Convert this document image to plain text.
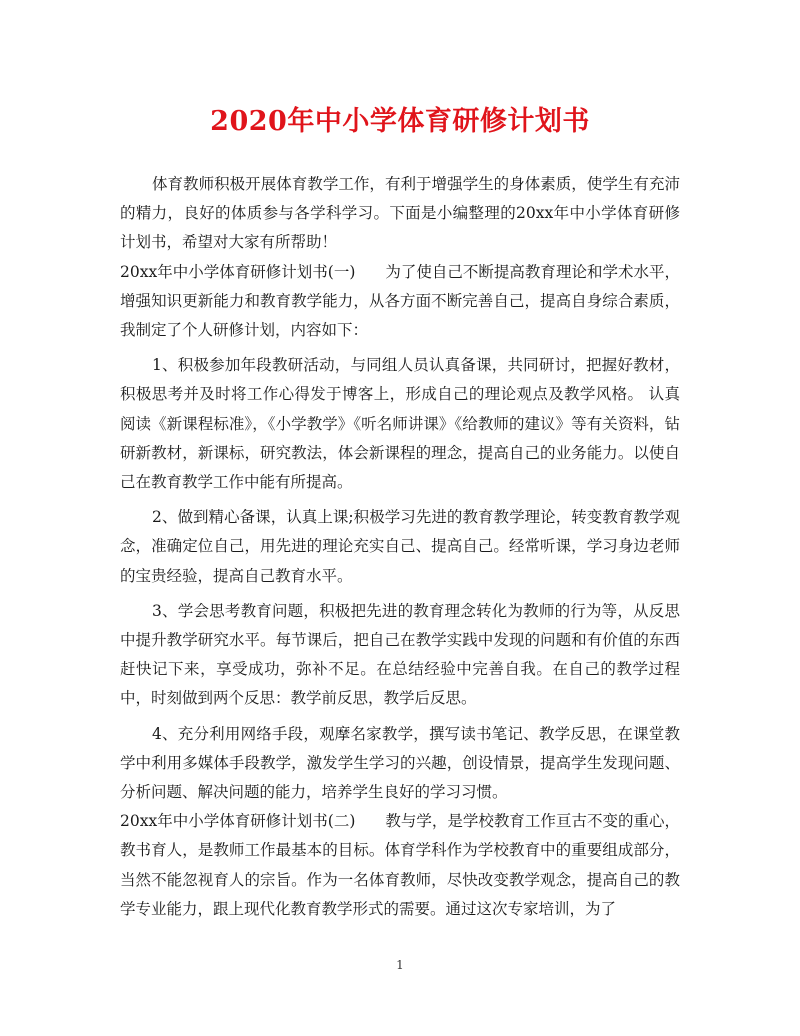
2020年中小学体育研修计划书

体育教师积极开展体育教学工作，有利于增强学生的身体素质，使学生有充沛的精力，良好的体质参与各学科学习。下面是小编整理的20xx年中小学体育研修计划书，希望对大家有所帮助！

20xx年中小学体育研修计划书(一) 为了使自己不断提高教育理论和学术水平，增强知识更新能力和教育教学能力，从各方面不断完善自己，提高自身综合素质，我制定了个人研修计划，内容如下：

1、积极参加年段教研活动，与同组人员认真备课，共同研讨，把握好教材，积极思考并及时将工作心得发于博客上，形成自己的理论观点及教学风格。 认真阅读《新课程标准》，《小学教学》《听名师讲课》《给教师的建议》等有关资料，钻研新教材，新课标，研究教法，体会新课程的理念，提高自己的业务能力。以使自己在教育教学工作中能有所提高。

2、做到精心备课，认真上课;积极学习先进的教育教学理论，转变教育教学观念，准确定位自己，用先进的理论充实自己、提高自己。经常听课，学习身边老师的宝贵经验，提高自己教育水平。

3、学会思考教育问题，积极把先进的教育理念转化为教师的行为等，从反思中提升教学研究水平。每节课后，把自己在教学实践中发现的问题和有价值的东西赶快记下来，享受成功，弥补不足。在总结经验中完善自我。在自己的教学过程中，时刻做到两个反思：教学前反思，教学后反思。

4、充分利用网络手段，观摩名家教学，撰写读书笔记、教学反思，在课堂教学中利用多媒体手段教学，激发学生学习的兴趣，创设情景，提高学生发现问题、分析问题、解决问题的能力，培养学生良好的学习习惯。

20xx年中小学体育研修计划书(二) 教与学，是学校教育工作亘古不变的重心，教书育人，是教师工作最基本的目标。体育学科作为学校教育中的重要组成部分，当然不能忽视育人的宗旨。作为一名体育教师，尽快改变教学观念，提高自己的教学专业能力，跟上现代化教育教学形式的需要。通过这次专家培训，为了

1
